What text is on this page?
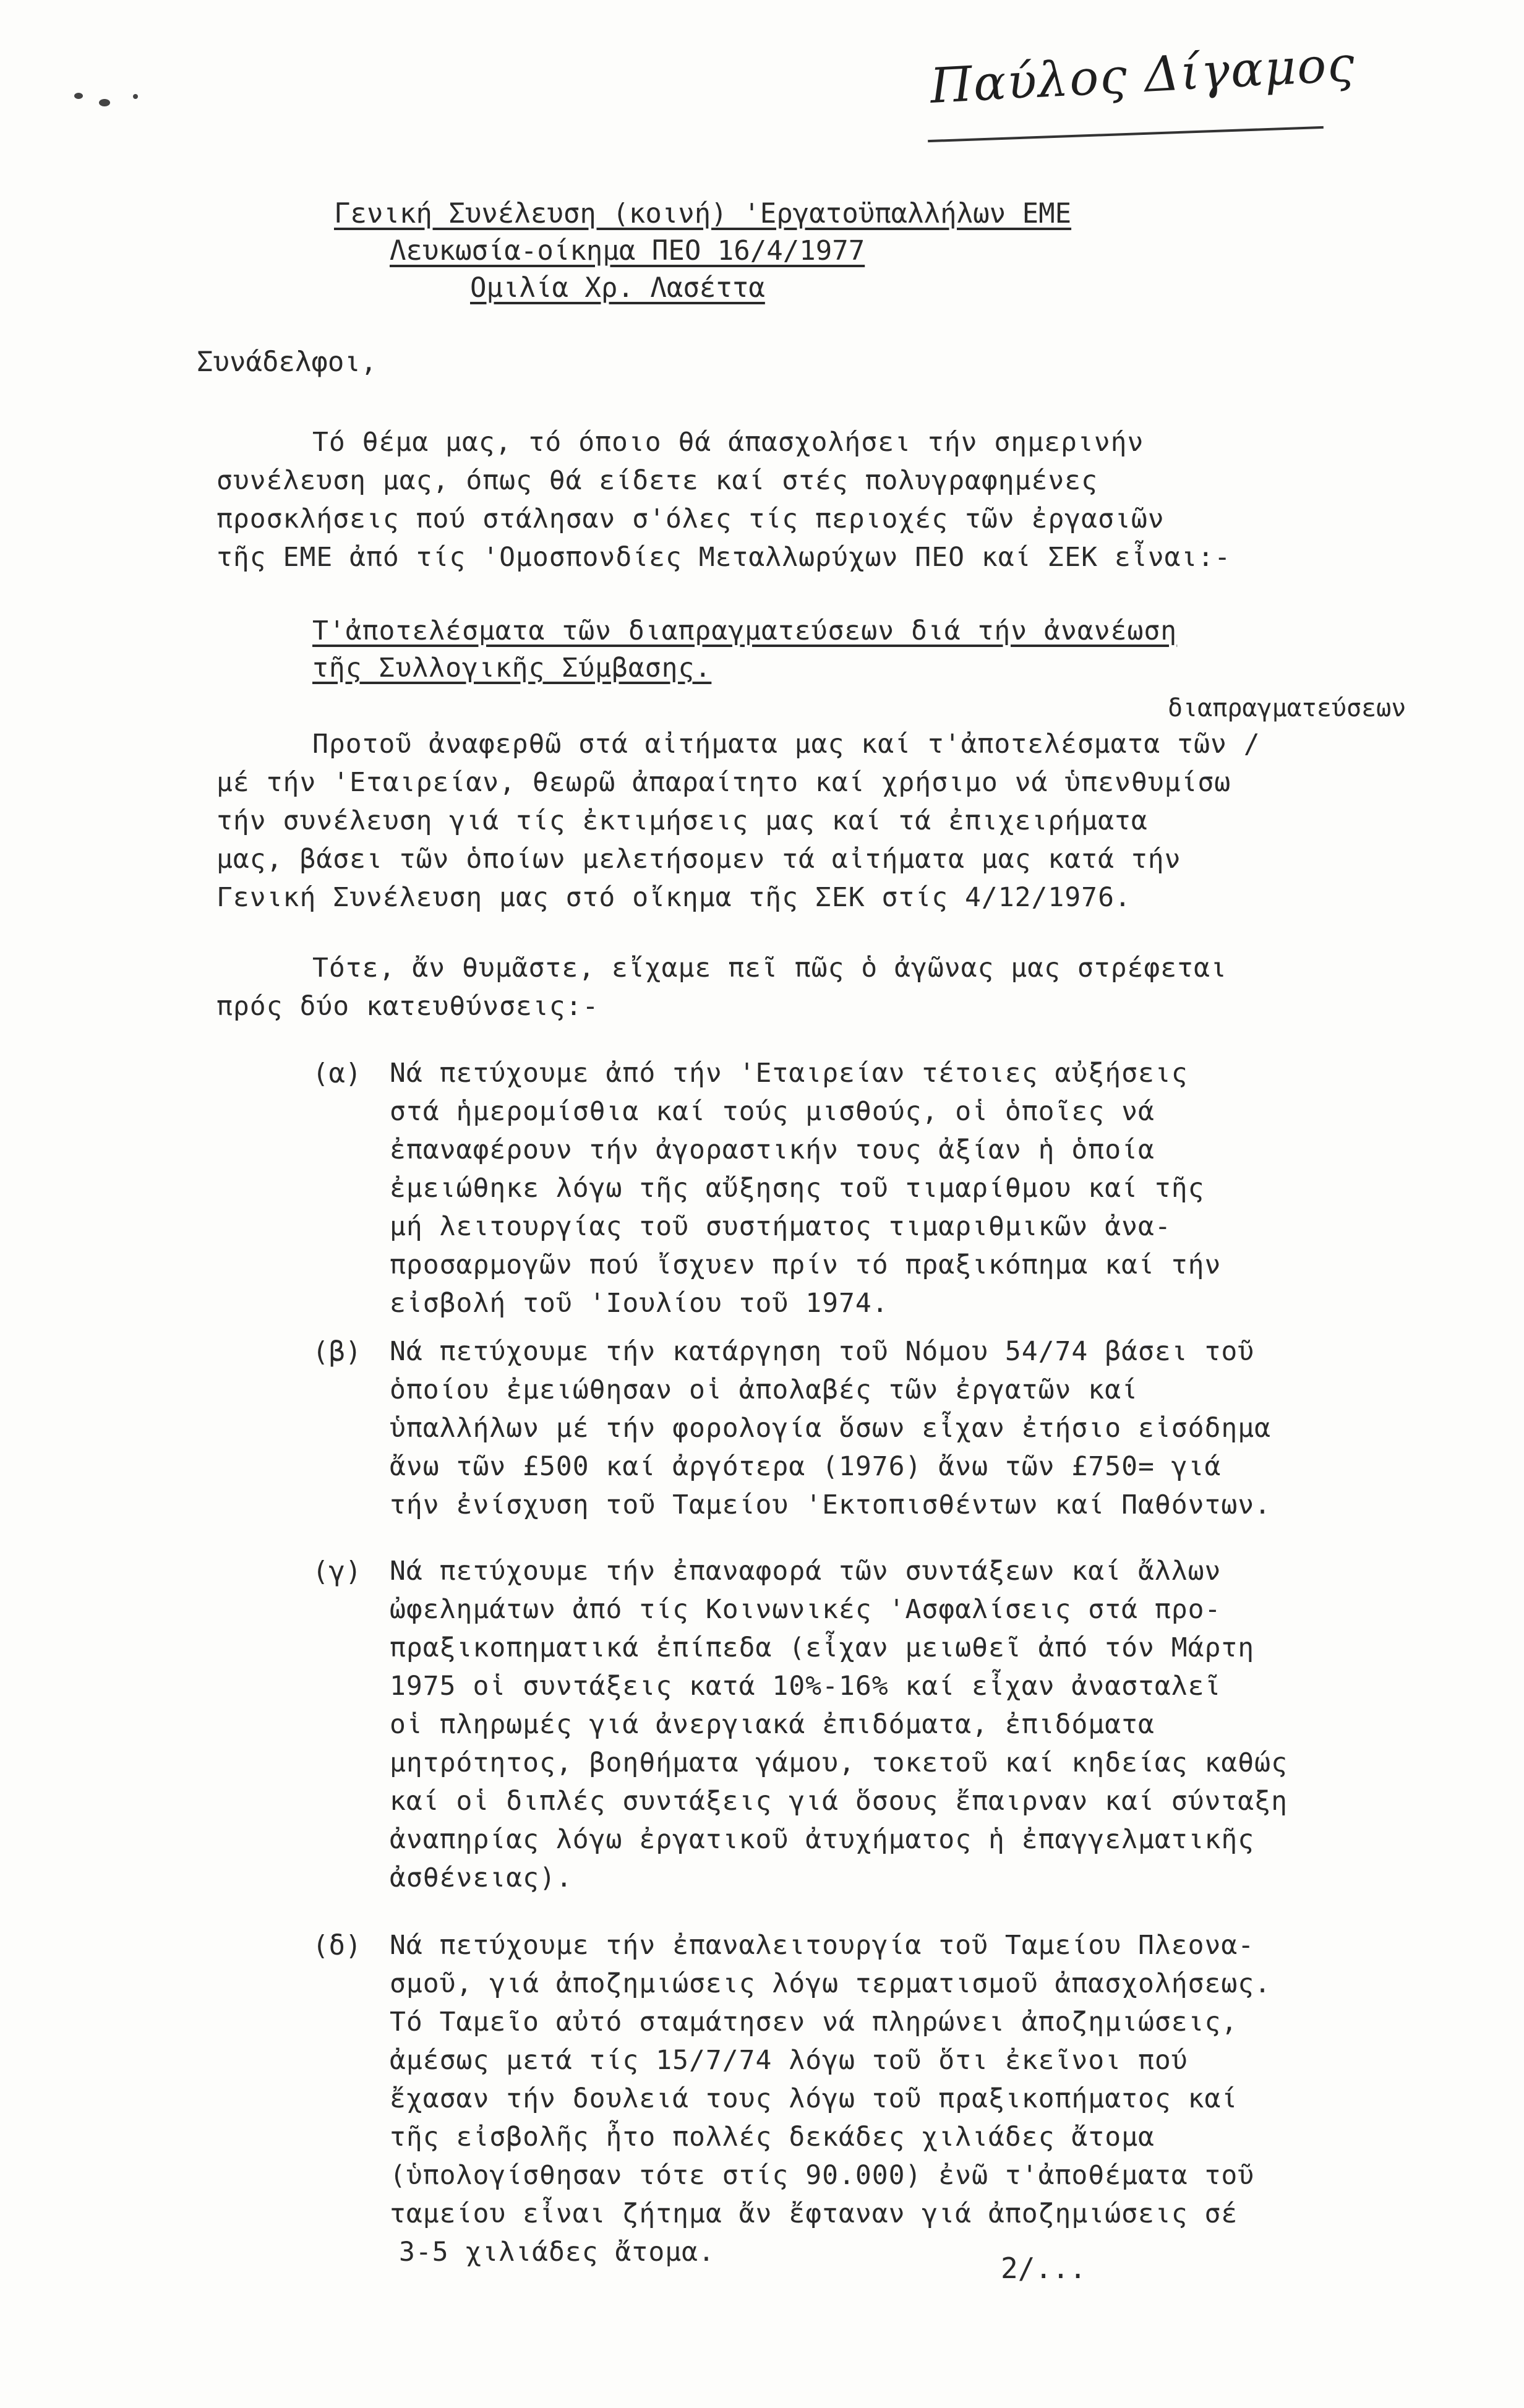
Παύλος Δίγαμος
Γενική Συνέλευση (κοινή) 'Εργατοϋπαλλήλων ΕΜΕ
Λευκωσία-οίκημα ΠΕΟ 16/4/1977
Ομιλία Χρ. Λασέττα
Συνάδελφοι,
Τό θέμα μας, τό όποιο θά άπασχολήσει τήν σημερινήν
συνέλευση μας, όπως θά είδετε καί στές πολυγραφημένες
προσκλήσεις πού στάλησαν σ'όλες τίς περιοχές τῶν ἐργασιῶν
τῆς ΕΜΕ ἀπό τίς 'Ομοσπονδίες Μεταλλωρύχων ΠΕΟ καί ΣΕΚ εἶναι:-
Τ'ἀποτελέσματα τῶν διαπραγματεύσεων διά τήν ἀνανέωση
τῆς Συλλογικῆς Σύμβασης.
διαπραγματεύσεων
Προτοῦ ἀναφερθῶ στά αἰτήματα μας καί τ'ἀποτελέσματα τῶν /
μέ τήν 'Εταιρείαν, θεωρῶ ἀπαραίτητο καί χρήσιμο νά ὑπενθυμίσω
τήν συνέλευση γιά τίς ἐκτιμήσεις μας καί τά ἐπιχειρήματα
μας, βάσει τῶν ὁποίων μελετήσομεν τά αἰτήματα μας κατά τήν
Γενική Συνέλευση μας στό οἴκημα τῆς ΣΕΚ στίς 4/12/1976.
Τότε, ἄν θυμᾶστε, εἴχαμε πεῖ πῶς ὁ ἀγῶνας μας στρέφεται
πρός δύο κατευθύνσεις:-
(α) Νά πετύχουμε ἀπό τήν 'Εταιρείαν τέτοιες αὐξήσεις
στά ἡμερομίσθια καί τούς μισθούς, οἱ ὁποῖες νά
ἐπαναφέρουν τήν ἀγοραστικήν τους ἀξίαν ἡ ὁποία
ἐμειώθηκε λόγω τῆς αὔξησης τοῦ τιμαρίθμου καί τῆς
μή λειτουργίας τοῦ συστήματος τιμαριθμικῶν ἀνα-
προσαρμογῶν πού ἴσχυεν πρίν τό πραξικόπημα καί τήν
εἰσβολή τοῦ 'Ιουλίου τοῦ 1974.
(β) Νά πετύχουμε τήν κατάργηση τοῦ Νόμου 54/74 βάσει τοῦ
ὁποίου ἐμειώθησαν οἱ ἀπολαβές τῶν ἐργατῶν καί
ὑπαλλήλων μέ τήν φορολογία ὅσων εἶχαν ἐτήσιο εἰσόδημα
ἄνω τῶν £500 καί ἀργότερα (1976) ἄνω τῶν £750= γιά
τήν ἐνίσχυση τοῦ Ταμείου 'Εκτοπισθέντων καί Παθόντων.
(γ) Νά πετύχουμε τήν ἐπαναφορά τῶν συντάξεων καί ἄλλων
ὠφελημάτων ἀπό τίς Κοινωνικές 'Ασφαλίσεις στά προ-
πραξικοπηματικά ἐπίπεδα (εἶχαν μειωθεῖ ἀπό τόν Μάρτη
1975 οἱ συντάξεις κατά 10%-16% καί εἶχαν ἀνασταλεῖ
οἱ πληρωμές γιά ἀνεργιακά ἐπιδόματα, ἐπιδόματα
μητρότητος, βοηθήματα γάμου, τοκετοῦ καί κηδείας καθώς
καί οἱ διπλές συντάξεις γιά ὅσους ἔπαιρναν καί σύνταξη
ἀναπηρίας λόγω ἐργατικοῦ ἀτυχήματος ἡ ἐπαγγελματικῆς
ἀσθένειας).
(δ) Νά πετύχουμε τήν ἐπαναλειτουργία τοῦ Ταμείου Πλεονα-
σμοῦ, γιά ἀποζημιώσεις λόγω τερματισμοῦ ἀπασχολήσεως.
Τό Ταμεῖο αὐτό σταμάτησεν νά πληρώνει ἀποζημιώσεις,
ἀμέσως μετά τίς 15/7/74 λόγω τοῦ ὅτι ἐκεῖνοι πού
ἔχασαν τήν δουλειά τους λόγω τοῦ πραξικοπήματος καί
τῆς εἰσβολῆς ἦτο πολλές δεκάδες χιλιάδες ἄτομα
(ὑπολογίσθησαν τότε στίς 90.000) ἐνῶ τ'ἀποθέματα τοῦ
ταμείου εἶναι ζήτημα ἄν ἔφταναν γιά ἀποζημιώσεις σέ
3-5 χιλιάδες ἄτομα.	2/...
